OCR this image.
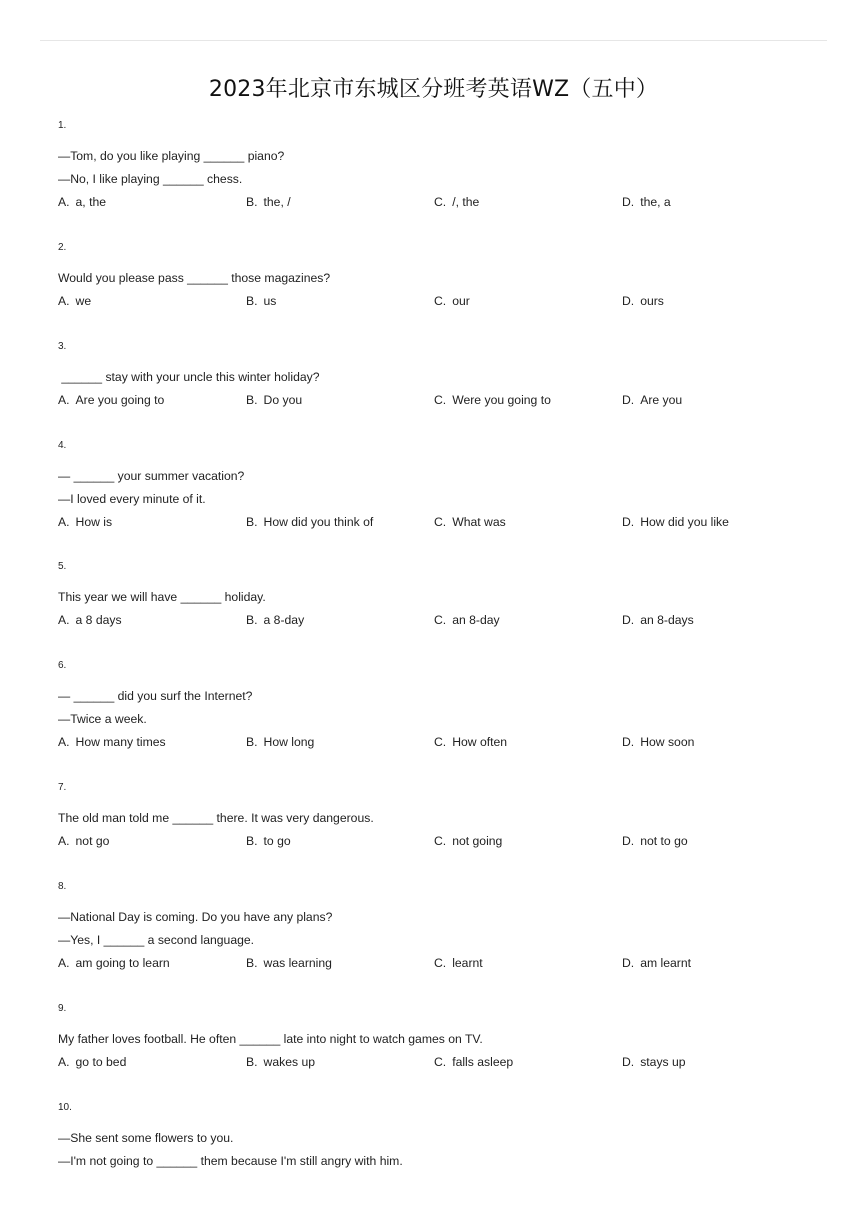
2023年北京市东城区分班考英语WZ（五中）
1.
—Tom, do you like playing ______ piano?
—No, I like playing ______ chess.
A. a, the	B. the, /	C. /, the	D. the, a
2.
Would you please pass ______ those magazines?
A. we	B. us	C. our	D. ours
3.
______ stay with your uncle this winter holiday?
A. Are you going to	B. Do you	C. Were you going to	D. Are you
4.
— ______ your summer vacation?
—I loved every minute of it.
A. How is	B. How did you think of	C. What was	D. How did you like
5.
This year we will have ______ holiday.
A. a 8 days	B. a 8-day	C. an 8-day	D. an 8-days
6.
— ______ did you surf the Internet?
—Twice a week.
A. How many times	B. How long	C. How often	D. How soon
7.
The old man told me ______ there. It was very dangerous.
A. not go	B. to go	C. not going	D. not to go
8.
—National Day is coming. Do you have any plans?
—Yes, I ______ a second language.
A. am going to learn	B. was learning	C. learnt	D. am learnt
9.
My father loves football. He often ______ late into night to watch games on TV.
A. go to bed	B. wakes up	C. falls asleep	D. stays up
10.
—She sent some flowers to you.
—I'm not going to ______ them because I'm still angry with him.
